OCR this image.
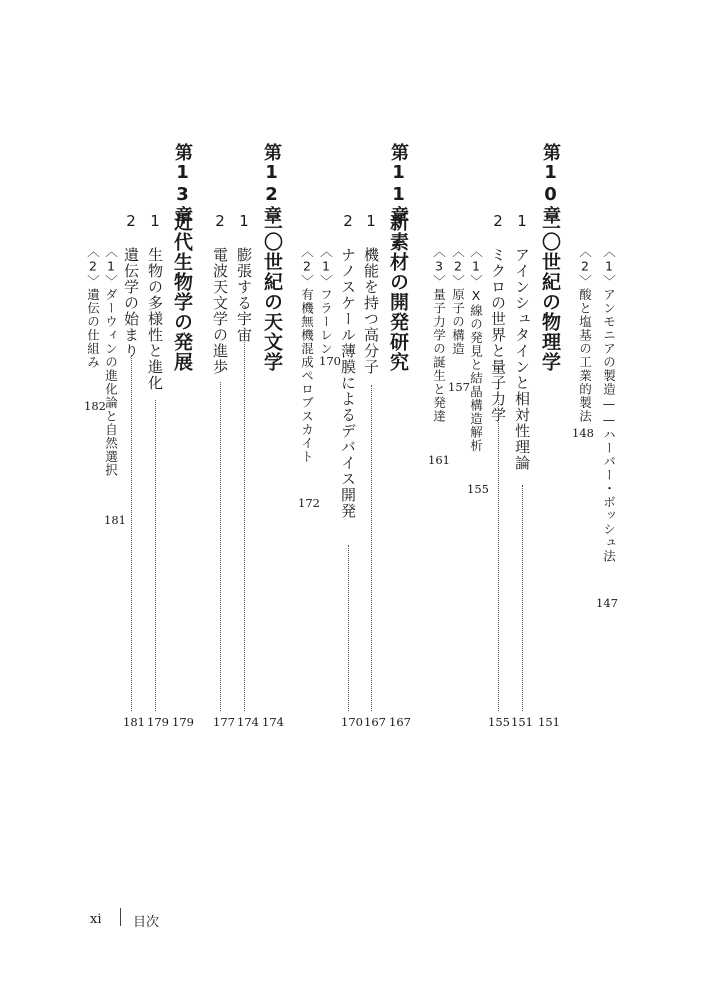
〈1〉アンモニアの製造——ハーバー・ボッシュ法
147
〈2〉酸と塩基の工業的製法
148
第10章
二〇世紀の物理学
151
1　アインシュタインと相対性理論
151
2　ミクロの世界と量子力学
155
〈1〉X線の発見と結晶構造解析
155
〈2〉原子の構造
157
〈3〉量子力学の誕生と発達
161
第11章
新素材の開発研究
167
1　機能を持つ高分子
167
2　ナノスケール薄膜によるデバイス開発
170
〈1〉フラーレン
170
〈2〉有機無機混成ペロブスカイト
172
第12章
二〇世紀の天文学
174
1　膨張する宇宙
174
2　電波天文学の進歩
177
第13章
近代生物学の発展
179
1　生物の多様性と進化
179
2　遺伝学の始まり
181
〈1〉ダーウィンの進化論と自然選択
181
〈2〉遺伝の仕組み
182
xi 目次
